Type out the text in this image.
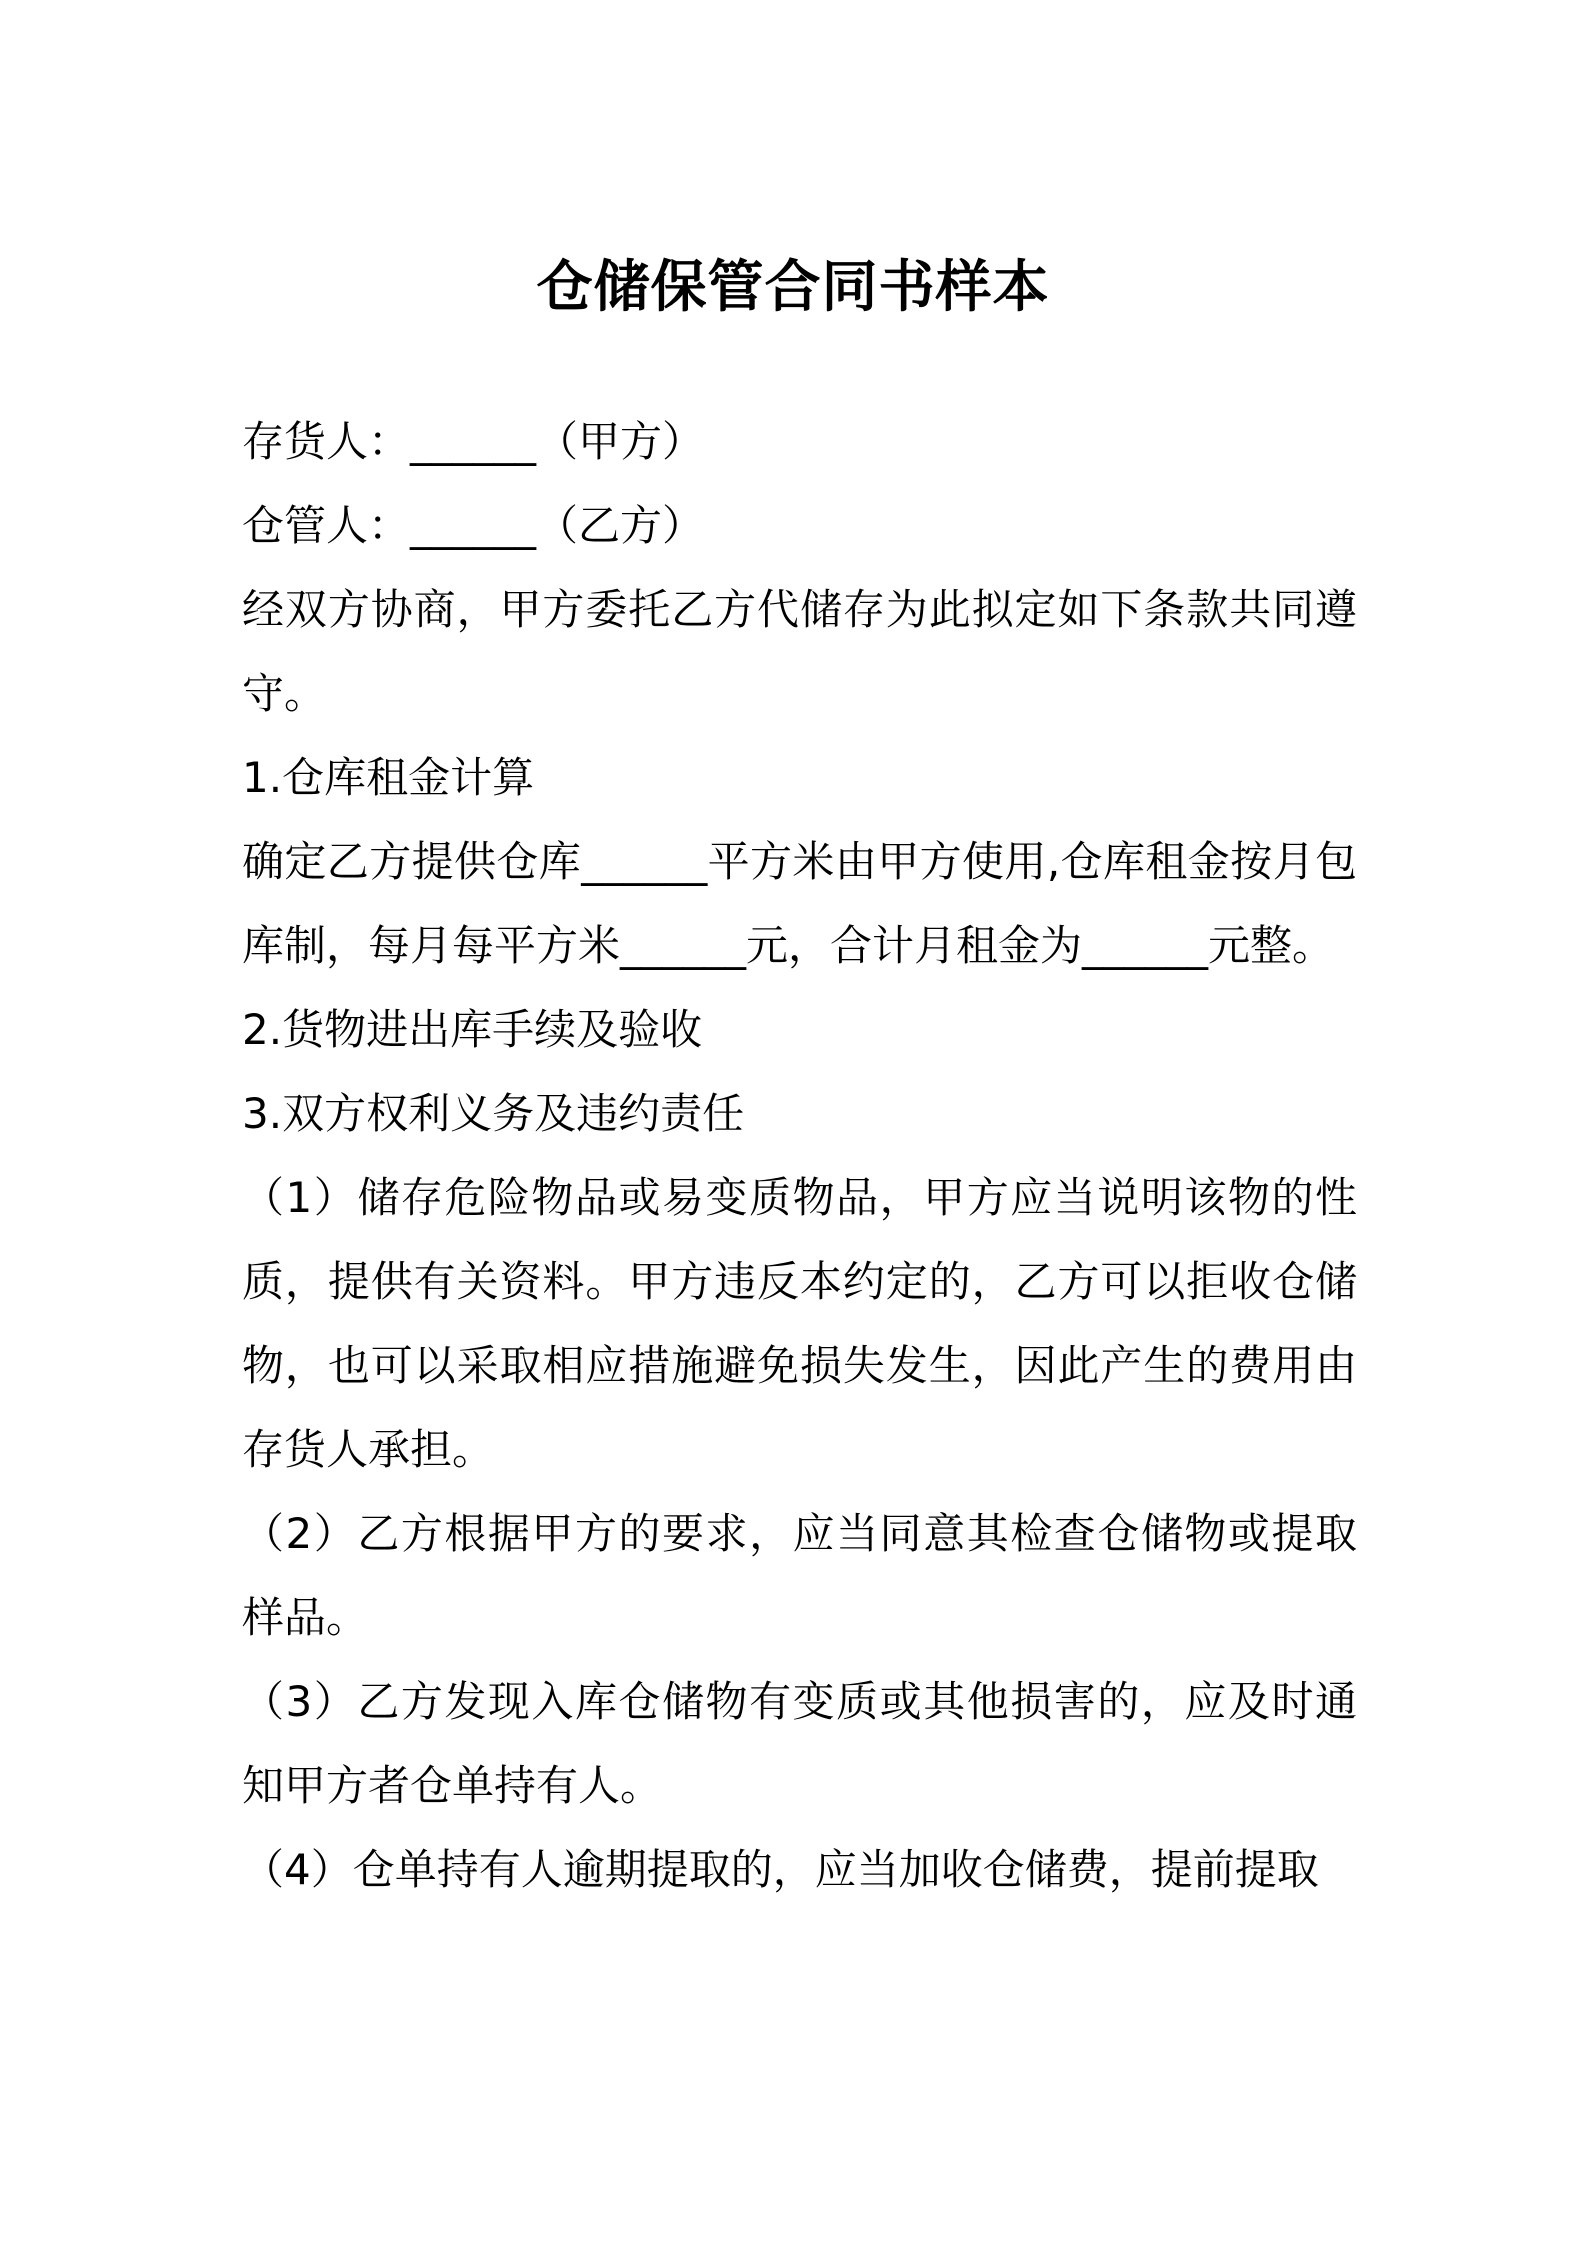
仓储保管合同书样本
存货人：______（甲方）
仓管人：______（乙方）
经双方协商，甲方委托乙方代储存为此拟定如下条款共同遵守。
1.仓库租金计算
确定乙方提供仓库______平方米由甲方使用,仓库租金按月包库制，每月每平方米______元，合计月租金为______元整。
2.货物进出库手续及验收
3.双方权利义务及违约责任
（1）储存危险物品或易变质物品，甲方应当说明该物的性质，提供有关资料。甲方违反本约定的，乙方可以拒收仓储物，也可以采取相应措施避免损失发生，因此产生的费用由存货人承担。
（2）乙方根据甲方的要求，应当同意其检查仓储物或提取样品。
（3）乙方发现入库仓储物有变质或其他损害的，应及时通知甲方者仓单持有人。
（4）仓单持有人逾期提取的，应当加收仓储费，提前提取
